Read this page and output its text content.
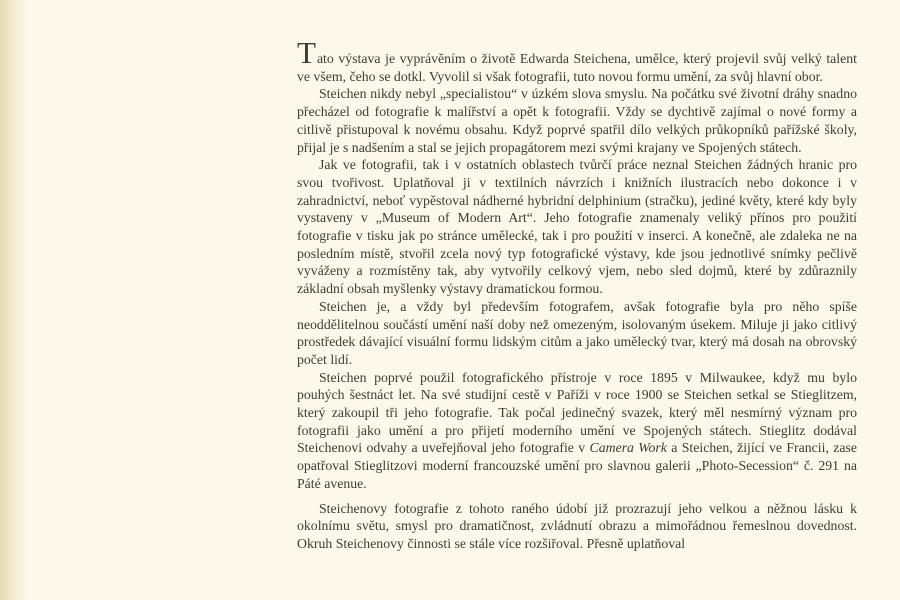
Tato výstava je vyprávěním o životě Edwarda Steichena, umělce, který projevil svůj velký talent ve všem, čeho se dotkl. Vyvolil si však fotografii, tuto novou formu umění, za svůj hlavní obor.

Steichen nikdy nebyl „specialistou“ v úzkém slova smyslu. Na počátku své životní dráhy snadno přecházel od fotografie k malířství a opět k fotografii. Vždy se dychtivě zajímal o nové formy a citlivě přistupoval k novému obsahu. Když poprvé spatřil dílo velkých průkopníků pařížské školy, přijal je s nadšením a stal se jejich propagátorem mezi svými krajany ve Spojených státech.

Jak ve fotografii, tak i v ostatních oblastech tvůrčí práce neznal Steichen žádných hranic pro svou tvořivost. Uplatňoval ji v textilních návrzích i knižních ilustracích nebo dokonce i v zahradnictví, neboť vypěstoval nádherné hybridní delphinium (stračku), jediné květy, které kdy byly vystaveny v „Museum of Modern Art“. Jeho fotografie znamenaly veliký přínos pro použití fotografie v tisku jak po stránce umělecké, tak i pro použití v inserci. A konečně, ale zdaleka ne na posledním místě, stvořil zcela nový typ fotografické výstavy, kde jsou jednotlivé snímky pečlivě vyváženy a rozmístěny tak, aby vytvořily celkový vjem, nebo sled dojmů, které by zdůraznily základní obsah myšlenky výstavy dramatickou formou.

Steichen je, a vždy byl především fotografem, avšak fotografie byla pro něho spíše neoddělitelnou součástí umění naší doby než omezeným, isolovaným úsekem. Miluje ji jako citlivý prostředek dávající visuální formu lidským citům a jako umělecký tvar, který má dosah na obrovský počet lidí.

Steichen poprvé použil fotografického přístroje v roce 1895 v Milwaukee, když mu bylo pouhých šestnáct let. Na své studijní cestě v Paříži v roce 1900 se Steichen setkal se Stieglitzem, který zakoupil tři jeho fotografie. Tak počal jedinečný svazek, který měl nesmírný význam pro fotografii jako umění a pro přijetí moderního umění ve Spojených státech. Stieglitz dodával Steichenovi odvahy a uveřejňoval jeho fotografie v Camera Work a Steichen, žijící ve Francii, zase opatřoval Stieglitzovi moderní francouzské umění pro slavnou galerii „Photo-Secession“ č. 291 na Páté avenue.

Steichenovy fotografie z tohoto raného údobí již prozrazují jeho velkou a něžnou lásku k okolnímu světu, smysl pro dramatičnost, zvládnutí obrazu a mimořádnou řemeslnou dovednost. Okruh Steichenovy činnosti se stále více rozšiřoval. Přesně uplatňoval
